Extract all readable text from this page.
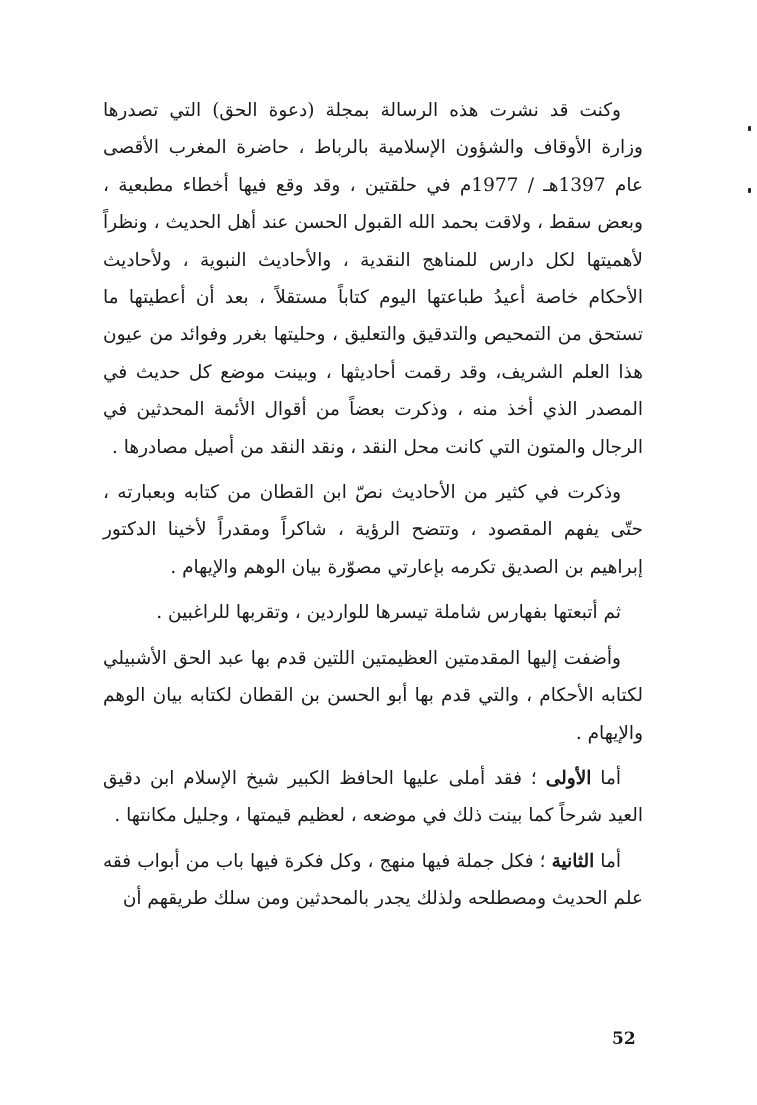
وكنت قد نشرت هذه الرسالة بمجلة (دعوة الحق) التي تصدرها وزارة الأوقاف والشؤون الإسلامية بالرباط ، حاضرة المغرب الأقصى عام 1397هـ / 1977م في حلقتين ، وقد وقع فيها أخطاء مطبعية ، وبعض سقط ، ولاقت بحمد الله القبول الحسن عند أهل الحديث ، ونظراً لأهميتها لكل دارس للمناهج النقدية ، والأحاديث النبوية ، ولأحاديث الأحكام خاصة أعيدُ طباعتها اليوم كتاباً مستقلاً ، بعد أن أعطيتها ما تستحق من التمحيص والتدقيق والتعليق ، وحليتها بغرر وفوائد من عيون هذا العلم الشريف، وقد رقمت أحاديثها ، وبينت موضع كل حديث في المصدر الذي أخذ منه ، وذكرت بعضاً من أقوال الأئمة المحدثين في الرجال والمتون التي كانت محل النقد ، ونقد النقد من أصيل مصادرها .

وذكرت في كثير من الأحاديث نصّ ابن القطان من كتابه وبعبارته ، حتّى يفهم المقصود ، وتتضح الرؤية ، شاكراً ومقدراً لأخينا الدكتور إبراهيم بن الصديق تكرمه بإعارتي مصوّرة بيان الوهم والإيهام .

ثم أتبعتها بفهارس شاملة تيسرها للواردين ، وتقربها للراغبين .

وأضفت إليها المقدمتين العظيمتين اللتين قدم بها عبد الحق الأشبيلي لكتابه الأحكام ، والتي قدم بها أبو الحسن بن القطان لكتابه بيان الوهم والإيهام .

أما الأولى ؛ فقد أملى عليها الحافظ الكبير شيخ الإسلام ابن دقيق العيد شرحاً كما بينت ذلك في موضعه ، لعظيم قيمتها ، وجليل مكانتها .

أما الثانية ؛ فكل جملة فيها منهج ، وكل فكرة فيها باب من أبواب فقه علم الحديث ومصطلحه ولذلك يجدر بالمحدثين ومن سلك طريقهم أن

52
